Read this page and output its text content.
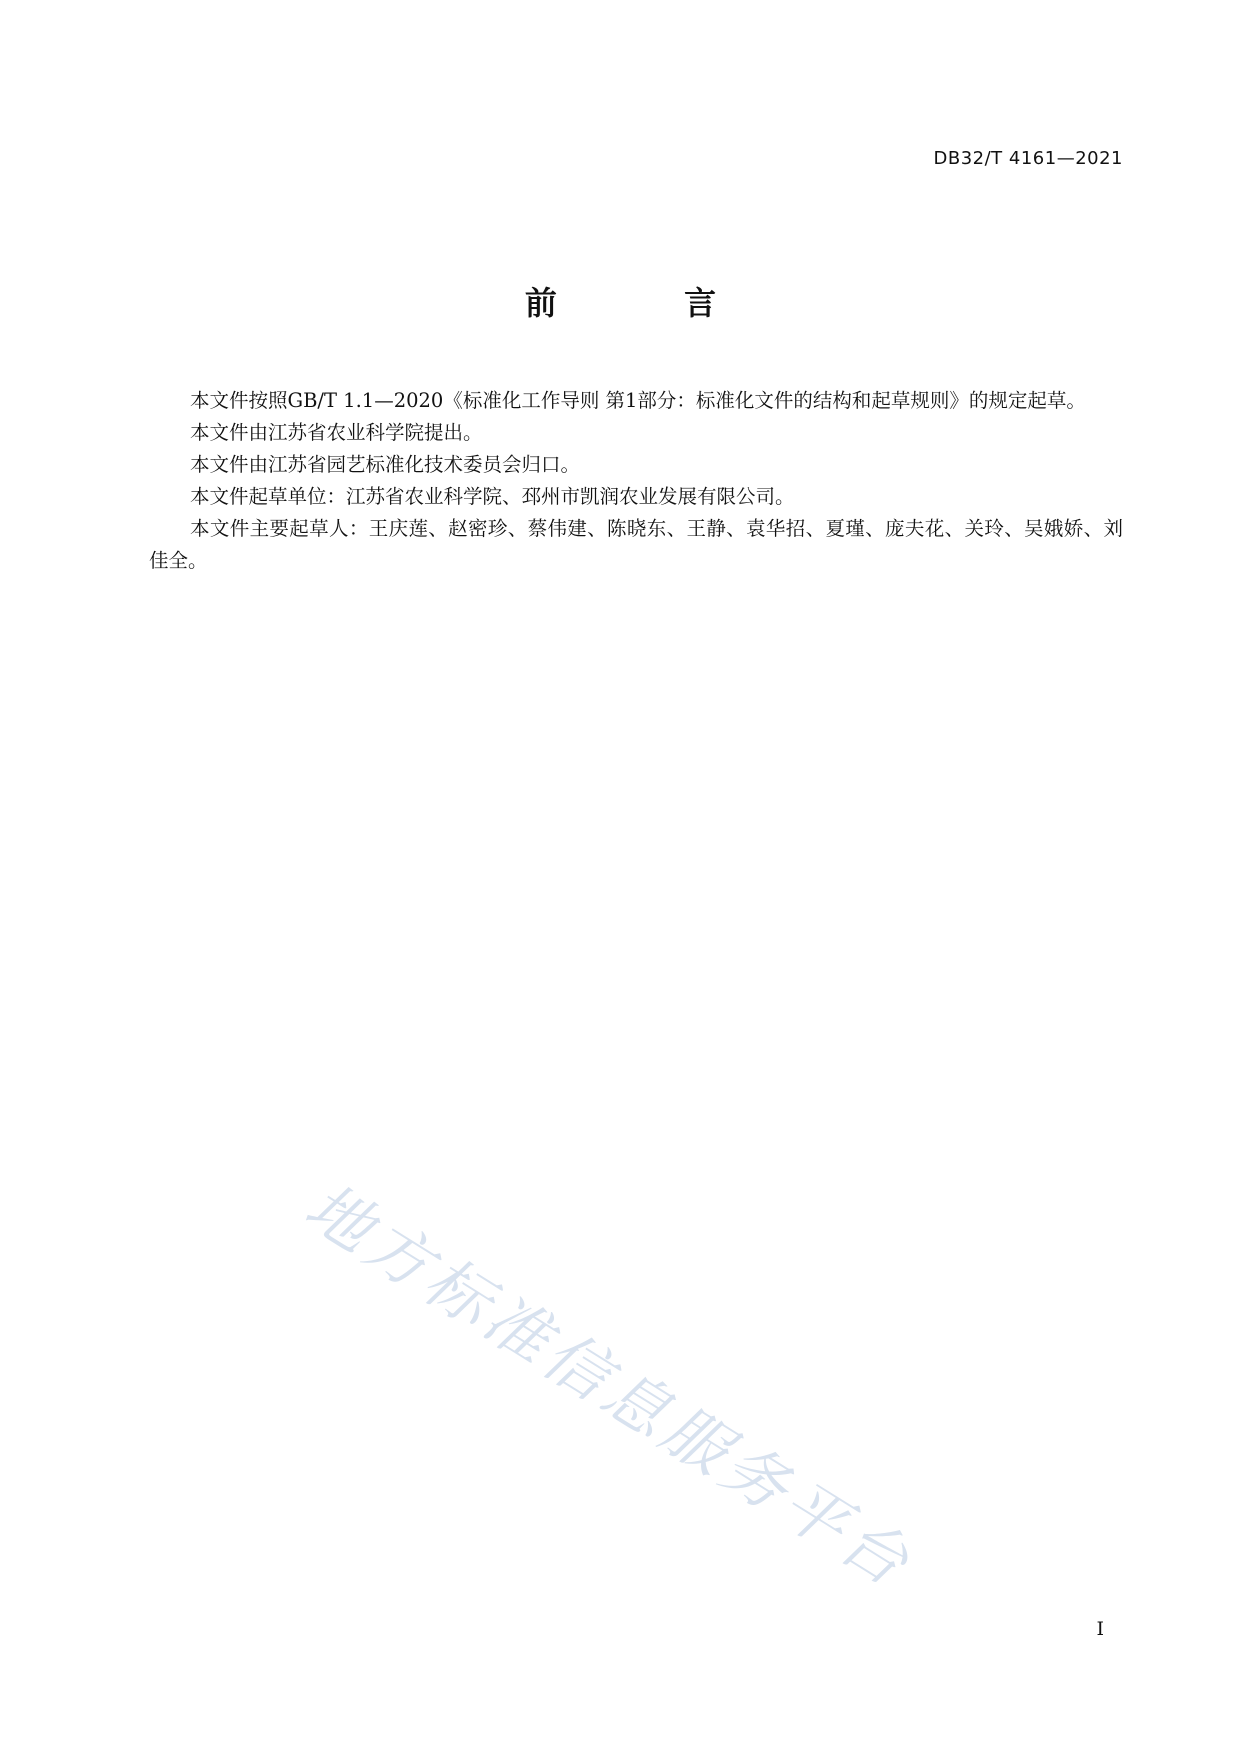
DB32/T 4161—2021
前 言

本文件按照GB/T 1.1—2020《标准化工作导则 第1部分：标准化文件的结构和起草规则》的规定起草。

本文件由江苏省农业科学院提出。

本文件由江苏省园艺标准化技术委员会归口。

本文件起草单位：江苏省农业科学院、邳州市凯润农业发展有限公司。

本文件主要起草人：王庆莲、赵密珍、蔡伟建、陈晓东、王静、袁华招、夏瑾、庞夫花、关玲、吴娥娇、刘佳全。

地方标准信息服务平台
I
